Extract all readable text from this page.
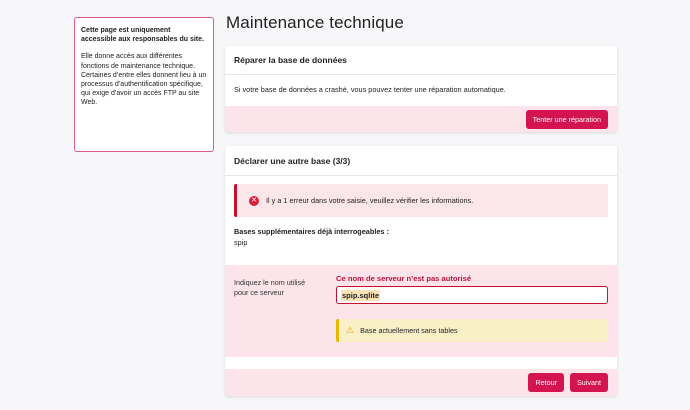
Cette page est uniquement accessible aux responsables du site.

Elle donne accès aux différentes fonctions de maintenance technique. Certaines d’entre elles donnent lieu à un processus d’authentification spécifique, qui exige d’avoir un accès FTP au site Web.

Maintenance technique
Réparer la base de données
Si votre base de données a crashé, vous pouvez tenter une réparation automatique.
Tenter une réparation
Déclarer une autre base (3/3)
✕ Il y a 1 erreur dans votre saisie, veuillez vérifier les informations.
Bases supplémentaires déjà interrogeables :
spip
Indiquez le nom utilisé pour ce serveur
Ce nom de serveur n’est pas autorisé
spip.sqlite
⚠ Base actuellement sans tables
Retour	Suivant
